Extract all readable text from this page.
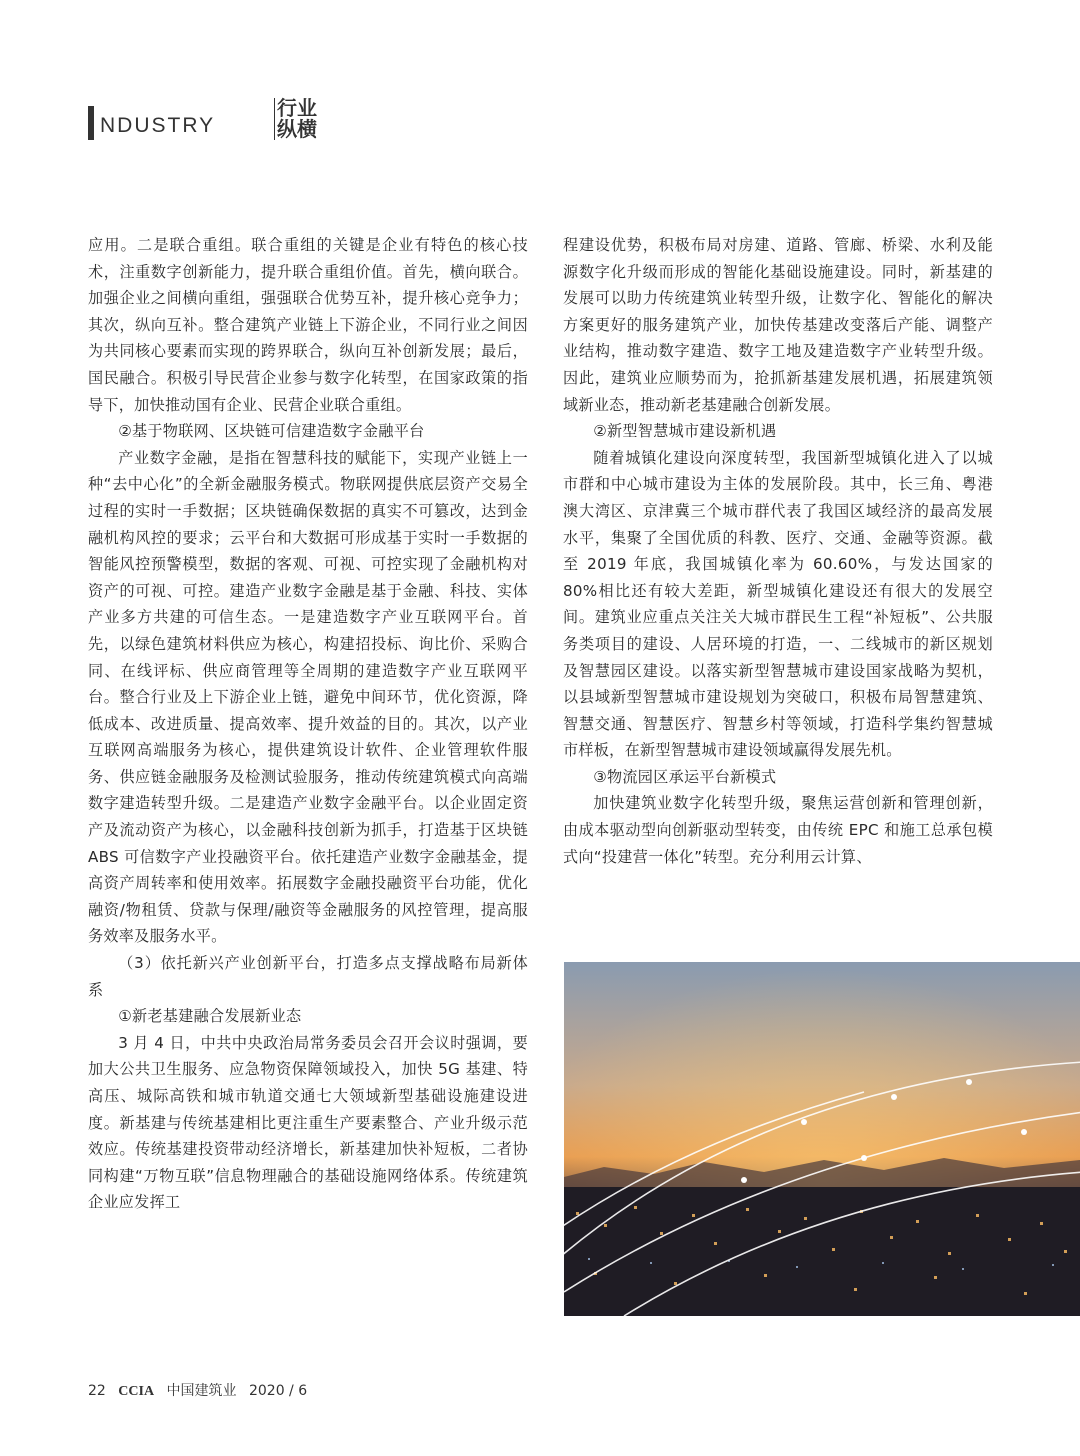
NDUSTRY
行业纵横

应用。二是联合重组。联合重组的关键是企业有特色的核心技术，注重数字创新能力，提升联合重组价值。首先，横向联合。加强企业之间横向重组，强强联合优势互补，提升核心竞争力；其次，纵向互补。整合建筑产业链上下游企业，不同行业之间因为共同核心要素而实现的跨界联合，纵向互补创新发展；最后，国民融合。积极引导民营企业参与数字化转型，在国家政策的指导下，加快推动国有企业、民营企业联合重组。

②基于物联网、区块链可信建造数字金融平台

产业数字金融，是指在智慧科技的赋能下，实现产业链上一种“去中心化”的全新金融服务模式。物联网提供底层资产交易全过程的实时一手数据；区块链确保数据的真实不可篡改，达到金融机构风控的要求；云平台和大数据可形成基于实时一手数据的智能风控预警模型，数据的客观、可视、可控实现了金融机构对资产的可视、可控。建造产业数字金融是基于金融、科技、实体产业多方共建的可信生态。一是建造数字产业互联网平台。首先，以绿色建筑材料供应为核心，构建招投标、询比价、采购合同、在线评标、供应商管理等全周期的建造数字产业互联网平台。整合行业及上下游企业上链，避免中间环节，优化资源，降低成本、改进质量、提高效率、提升效益的目的。其次，以产业互联网高端服务为核心，提供建筑设计软件、企业管理软件服务、供应链金融服务及检测试验服务，推动传统建筑模式向高端数字建造转型升级。二是建造产业数字金融平台。以企业固定资产及流动资产为核心，以金融科技创新为抓手，打造基于区块链 ABS 可信数字产业投融资平台。依托建造产业数字金融基金，提高资产周转率和使用效率。拓展数字金融投融资平台功能，优化融资/物租赁、贷款与保理/融资等金融服务的风控管理，提高服务效率及服务水平。

（3）依托新兴产业创新平台，打造多点支撑战略布局新体系

①新老基建融合发展新业态

3 月 4 日，中共中央政治局常务委员会召开会议时强调，要加大公共卫生服务、应急物资保障领域投入，加快 5G 基建、特高压、城际高铁和城市轨道交通七大领域新型基础设施建设进度。新基建与传统基建相比更注重生产要素整合、产业升级示范效应。传统基建投资带动经济增长，新基建加快补短板，二者协同构建“万物互联”信息物理融合的基础设施网络体系。传统建筑企业应发挥工

程建设优势，积极布局对房建、道路、管廊、桥梁、水利及能源数字化升级而形成的智能化基础设施建设。同时，新基建的发展可以助力传统建筑业转型升级，让数字化、智能化的解决方案更好的服务建筑产业，加快传基建改变落后产能、调整产业结构，推动数字建造、数字工地及建造数字产业转型升级。因此，建筑业应顺势而为，抢抓新基建发展机遇，拓展建筑领域新业态，推动新老基建融合创新发展。

②新型智慧城市建设新机遇

随着城镇化建设向深度转型，我国新型城镇化进入了以城市群和中心城市建设为主体的发展阶段。其中，长三角、粤港澳大湾区、京津冀三个城市群代表了我国区域经济的最高发展水平，集聚了全国优质的科教、医疗、交通、金融等资源。截至 2019 年底，我国城镇化率为 60.60%，与发达国家的 80%相比还有较大差距，新型城镇化建设还有很大的发展空间。建筑业应重点关注关大城市群民生工程“补短板”、公共服务类项目的建设、人居环境的打造，一、二线城市的新区规划及智慧园区建设。以落实新型智慧城市建设国家战略为契机，以县域新型智慧城市建设规划为突破口，积极布局智慧建筑、智慧交通、智慧医疗、智慧乡村等领域，打造科学集约智慧城市样板，在新型智慧城市建设领域赢得发展先机。

③物流园区承运平台新模式

加快建筑业数字化转型升级，聚焦运营创新和管理创新，由成本驱动型向创新驱动型转变，由传统 EPC 和施工总承包模式向“投建营一体化”转型。充分利用云计算、

22 CCIA 中国建筑业 2020 / 6
